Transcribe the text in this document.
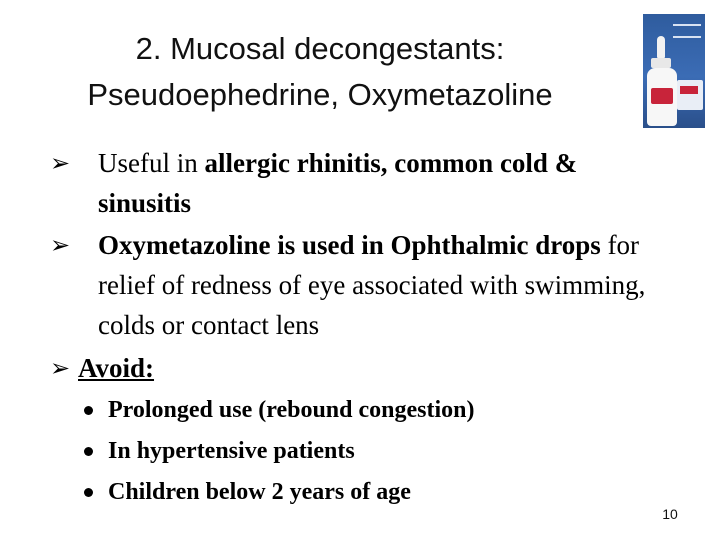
2. Mucosal decongestants:
Pseudoephedrine, Oxymetazoline
➢	Useful in allergic rhinitis, common cold & sinusitis
➢	Oxymetazoline is used in Ophthalmic drops for relief of redness of eye associated with swimming, colds or contact lens
➢ Avoid:
Prolonged use (rebound congestion)
In hypertensive patients
Children below 2 years of age
10
